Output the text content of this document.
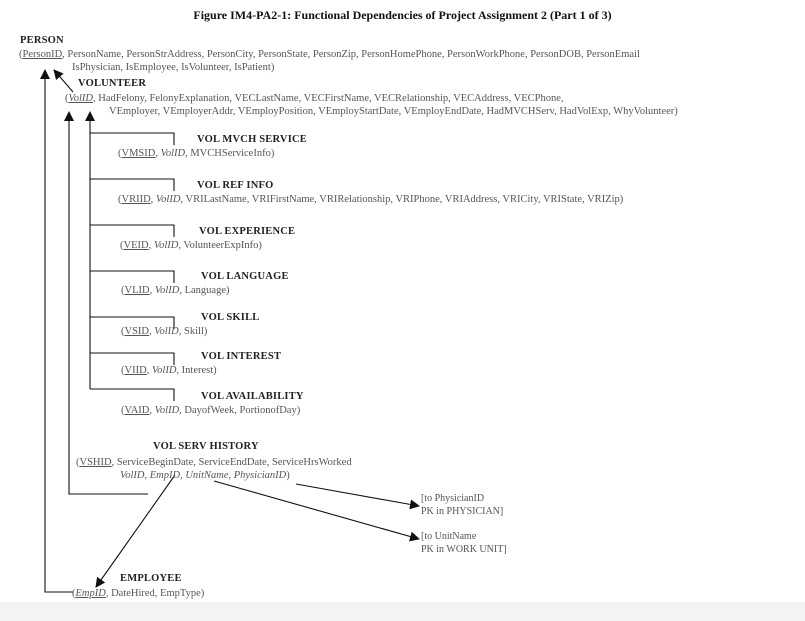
Figure IM4-PA2-1: Functional Dependencies of Project Assignment 2 (Part 1 of 3)
PERSON
(PersonID, PersonName, PersonStrAddress, PersonCity, PersonState, PersonZip, PersonHomePhone, PersonWorkPhone, PersonDOB, PersonEmail
IsPhysician, IsEmployee, IsVolunteer, IsPatient)
VOLUNTEER
(VolID, HadFelony, FelonyExplanation, VECLastName, VECFirstName, VECRelationship, VECAddress, VECPhone,
VEmployer, VEmployerAddr, VEmployPosition, VEmployStartDate, VEmployEndDate, HadMVCHServ, HadVolExp, WhyVolunteer)
VOL MVCH SERVICE
(VMSID, VolID, MVCHServiceInfo)
VOL REF INFO
(VRIID, VolID, VRILastName, VRIFirstName, VRIRelationship, VRIPhone, VRIAddress, VRICity, VRIState, VRIZip)
VOL EXPERIENCE
(VEID, VolID, VolunteerExpInfo)
VOL LANGUAGE
(VLID, VolID, Language)
VOL SKILL
(VSID, VolID, Skill)
VOL INTEREST
(VIID, VolID, Interest)
VOL AVAILABILITY
(VAID, VolID, DayofWeek, PortionofDay)
VOL SERV HISTORY
(VSHID, ServiceBeginDate, ServiceEndDate, ServiceHrsWorked
VolID, EmpID, UnitName, PhysicianID)
[to PhysicianID
PK in PHYSICIAN]
[to UnitName
PK in WORK UNIT]
EMPLOYEE
(EmpID, DateHired, EmpType)
